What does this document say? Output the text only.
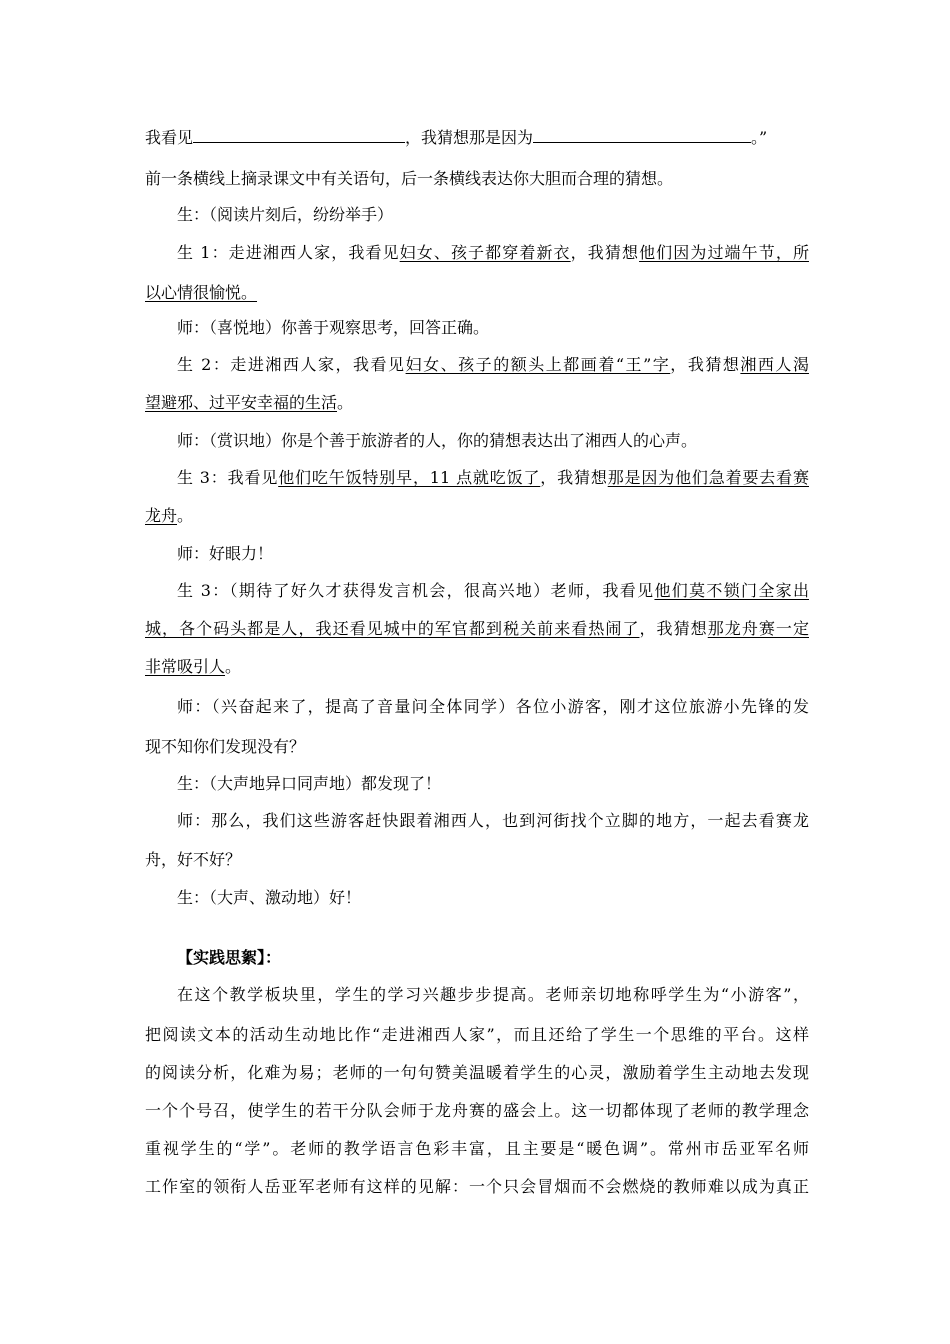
我看见	，我猜想那是因为	。”
前一条横线上摘录课文中有关语句，后一条横线表达你大胆而合理的猜想。
生：（阅读片刻后，纷纷举手）
生 1：走进湘西人家，我看见妇女、孩子都穿着新衣，我猜想他们因为过端午节，所
以心情很愉悦。
师：（喜悦地）你善于观察思考，回答正确。
生 2：走进湘西人家，我看见妇女、孩子的额头上都画着“王”字，我猜想湘西人渴
望避邪、过平安幸福的生活。
师：（赏识地）你是个善于旅游者的人，你的猜想表达出了湘西人的心声。
生 3：我看见他们吃午饭特别早，11 点就吃饭了，我猜想那是因为他们急着要去看赛
龙舟。
师：好眼力！
生 3：（期待了好久才获得发言机会，很高兴地）老师，我看见他们莫不锁门全家出
城，各个码头都是人，我还看见城中的军官都到税关前来看热闹了，我猜想那龙舟赛一定
非常吸引人。
师：（兴奋起来了，提高了音量问全体同学）各位小游客，刚才这位旅游小先锋的发
现不知你们发现没有？
生：（大声地异口同声地）都发现了！
师：那么，我们这些游客赶快跟着湘西人，也到河街找个立脚的地方，一起去看赛龙
舟，好不好？
生：（大声、激动地）好！
【实践思絮】：
在这个教学板块里，学生的学习兴趣步步提高。老师亲切地称呼学生为“小游客”，
把阅读文本的活动生动地比作“走进湘西人家”，而且还给了学生一个思维的平台。这样
的阅读分析，化难为易；老师的一句句赞美温暖着学生的心灵，激励着学生主动地去发现
一个个号召，使学生的若干分队会师于龙舟赛的盛会上。这一切都体现了老师的教学理念
重视学生的“学”。老师的教学语言色彩丰富，且主要是“暖色调”。常州市岳亚军名师
工作室的领衔人岳亚军老师有这样的见解：一个只会冒烟而不会燃烧的教师难以成为真正
